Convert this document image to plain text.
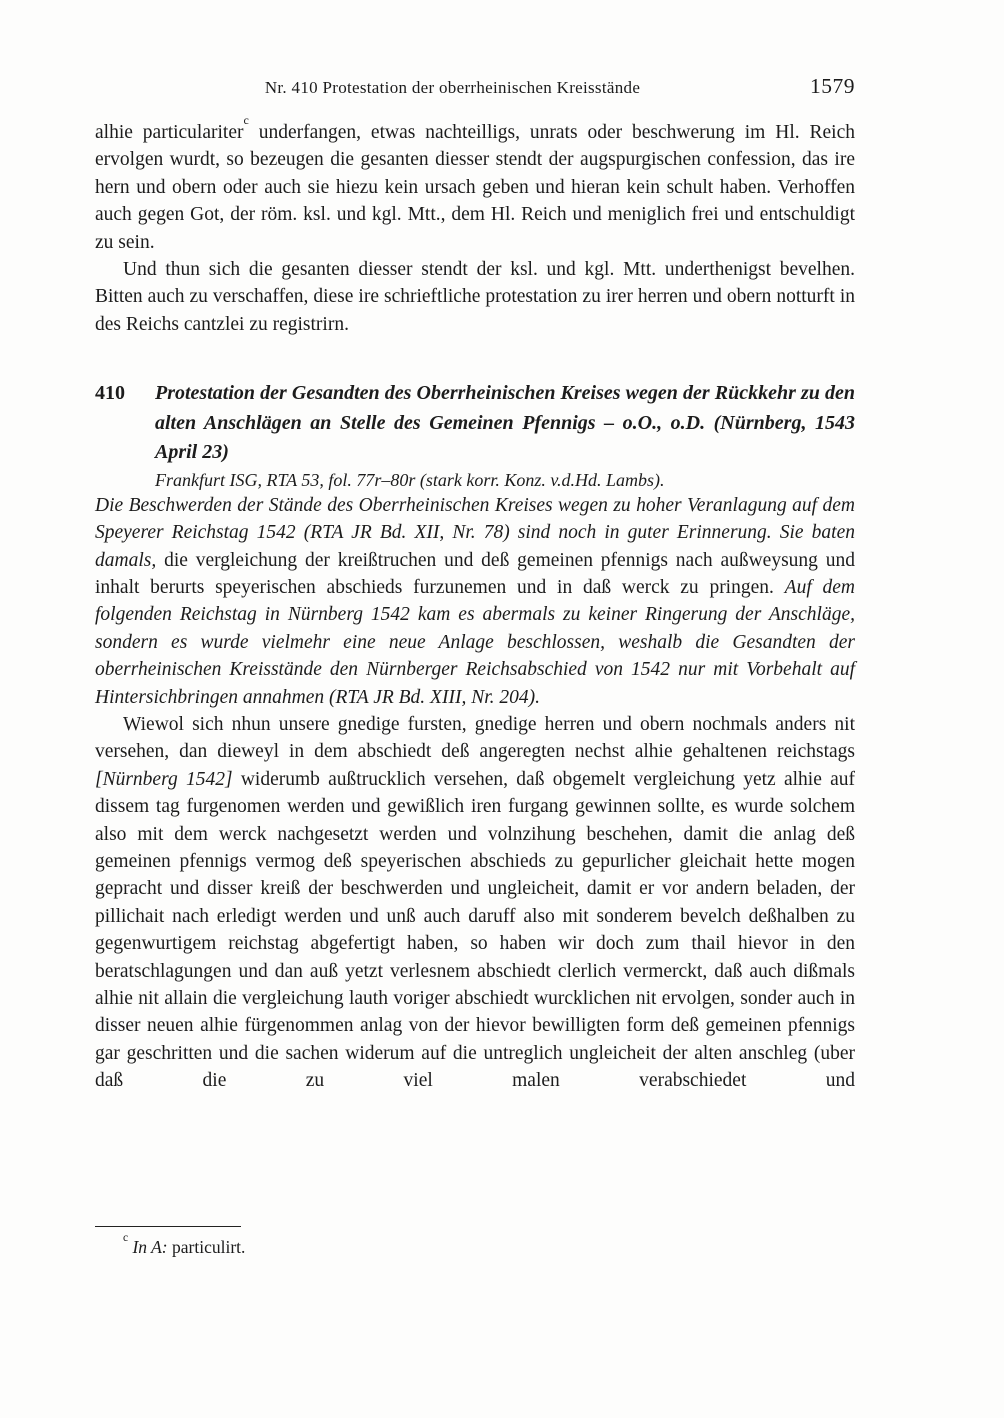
Nr. 410 Protestation der oberrheinischen Kreisstände	1579

alhie particulariter$^c$ underfangen, etwas nachteilligs, unrats oder beschwerung im Hl. Reich ervolgen wurdt, so bezeugen die gesanten diesser stendt der augspurgischen confession, das ire hern und obern oder auch sie hiezu kein ursach geben und hieran kein schult haben. Verhoffen auch gegen Got, der röm. ksl. und kgl. Mtt., dem Hl. Reich und meniglich frei und entschuldigt zu sein.

Und thun sich die gesanten diesser stendt der ksl. und kgl. Mtt. underthenigst bevelhen. Bitten auch zu verschaffen, diese ire schrieftliche protestation zu irer herren und obern notturft in des Reichs cantzlei zu registrirn.

410 Protestation der Gesandten des Oberrheinischen Kreises wegen der Rückkehr zu den alten Anschlägen an Stelle des Gemeinen Pfennigs – o.O., o.D. (Nürnberg, 1543 April 23)

Frankfurt ISG, RTA 53, fol. 77r–80r (stark korr. Konz. v.d.Hd. Lambs).

Die Beschwerden der Stände des Oberrheinischen Kreises wegen zu hoher Veranlagung auf dem Speyerer Reichstag 1542 (RTA JR Bd. XII, Nr. 78) sind noch in guter Erinnerung. Sie baten damals, die vergleichung der kreißtruchen und deß gemeinen pfennigs nach außweysung und inhalt berurts speyerischen abschieds furzunemen und in daß werck zu pringen. Auf dem folgenden Reichstag in Nürnberg 1542 kam es abermals zu keiner Ringerung der Anschläge, sondern es wurde vielmehr eine neue Anlage beschlossen, weshalb die Gesandten der oberrheinischen Kreisstände den Nürnberger Reichsabschied von 1542 nur mit Vorbehalt auf Hintersichbringen annahmen (RTA JR Bd. XIII, Nr. 204).

Wiewol sich nhun unsere gnedige fursten, gnedige herren und obern nochmals anders nit versehen, dan dieweyl in dem abschiedt deß angeregten nechst alhie gehaltenen reichstags [Nürnberg 1542] widerumb außtrucklich versehen, daß obgemelt vergleichung yetz alhie auf dissem tag furgenomen werden und gewißlich iren furgang gewinnen sollte, es wurde solchem also mit dem werck nachgesetzt werden und volnzihung beschehen, damit die anlag deß gemeinen pfennigs vermog deß speyerischen abschieds zu gepurlicher gleichait hette mogen gepracht und disser kreiß der beschwerden und ungleicheit, damit er vor andern beladen, der pillichait nach erledigt werden und unß auch daruff also mit sonderem bevelch deßhalben zu gegenwurtigem reichstag abgefertigt haben, so haben wir doch zum thail hievor in den beratschlagungen und dan auß yetzt verlesnem abschiedt clerlich vermerckt, daß auch dißmals alhie nit allain die vergleichung lauth voriger abschiedt wurcklichen nit ervolgen, sonder auch in disser neuen alhie fürgenommen anlag von der hievor bewilligten form deß gemeinen pfennigs gar geschritten und die sachen widerum auf die untreglich ungleicheit der alten anschleg (uber daß die zu viel malen verabschiedet und

$^c$ In A: particulirt.
